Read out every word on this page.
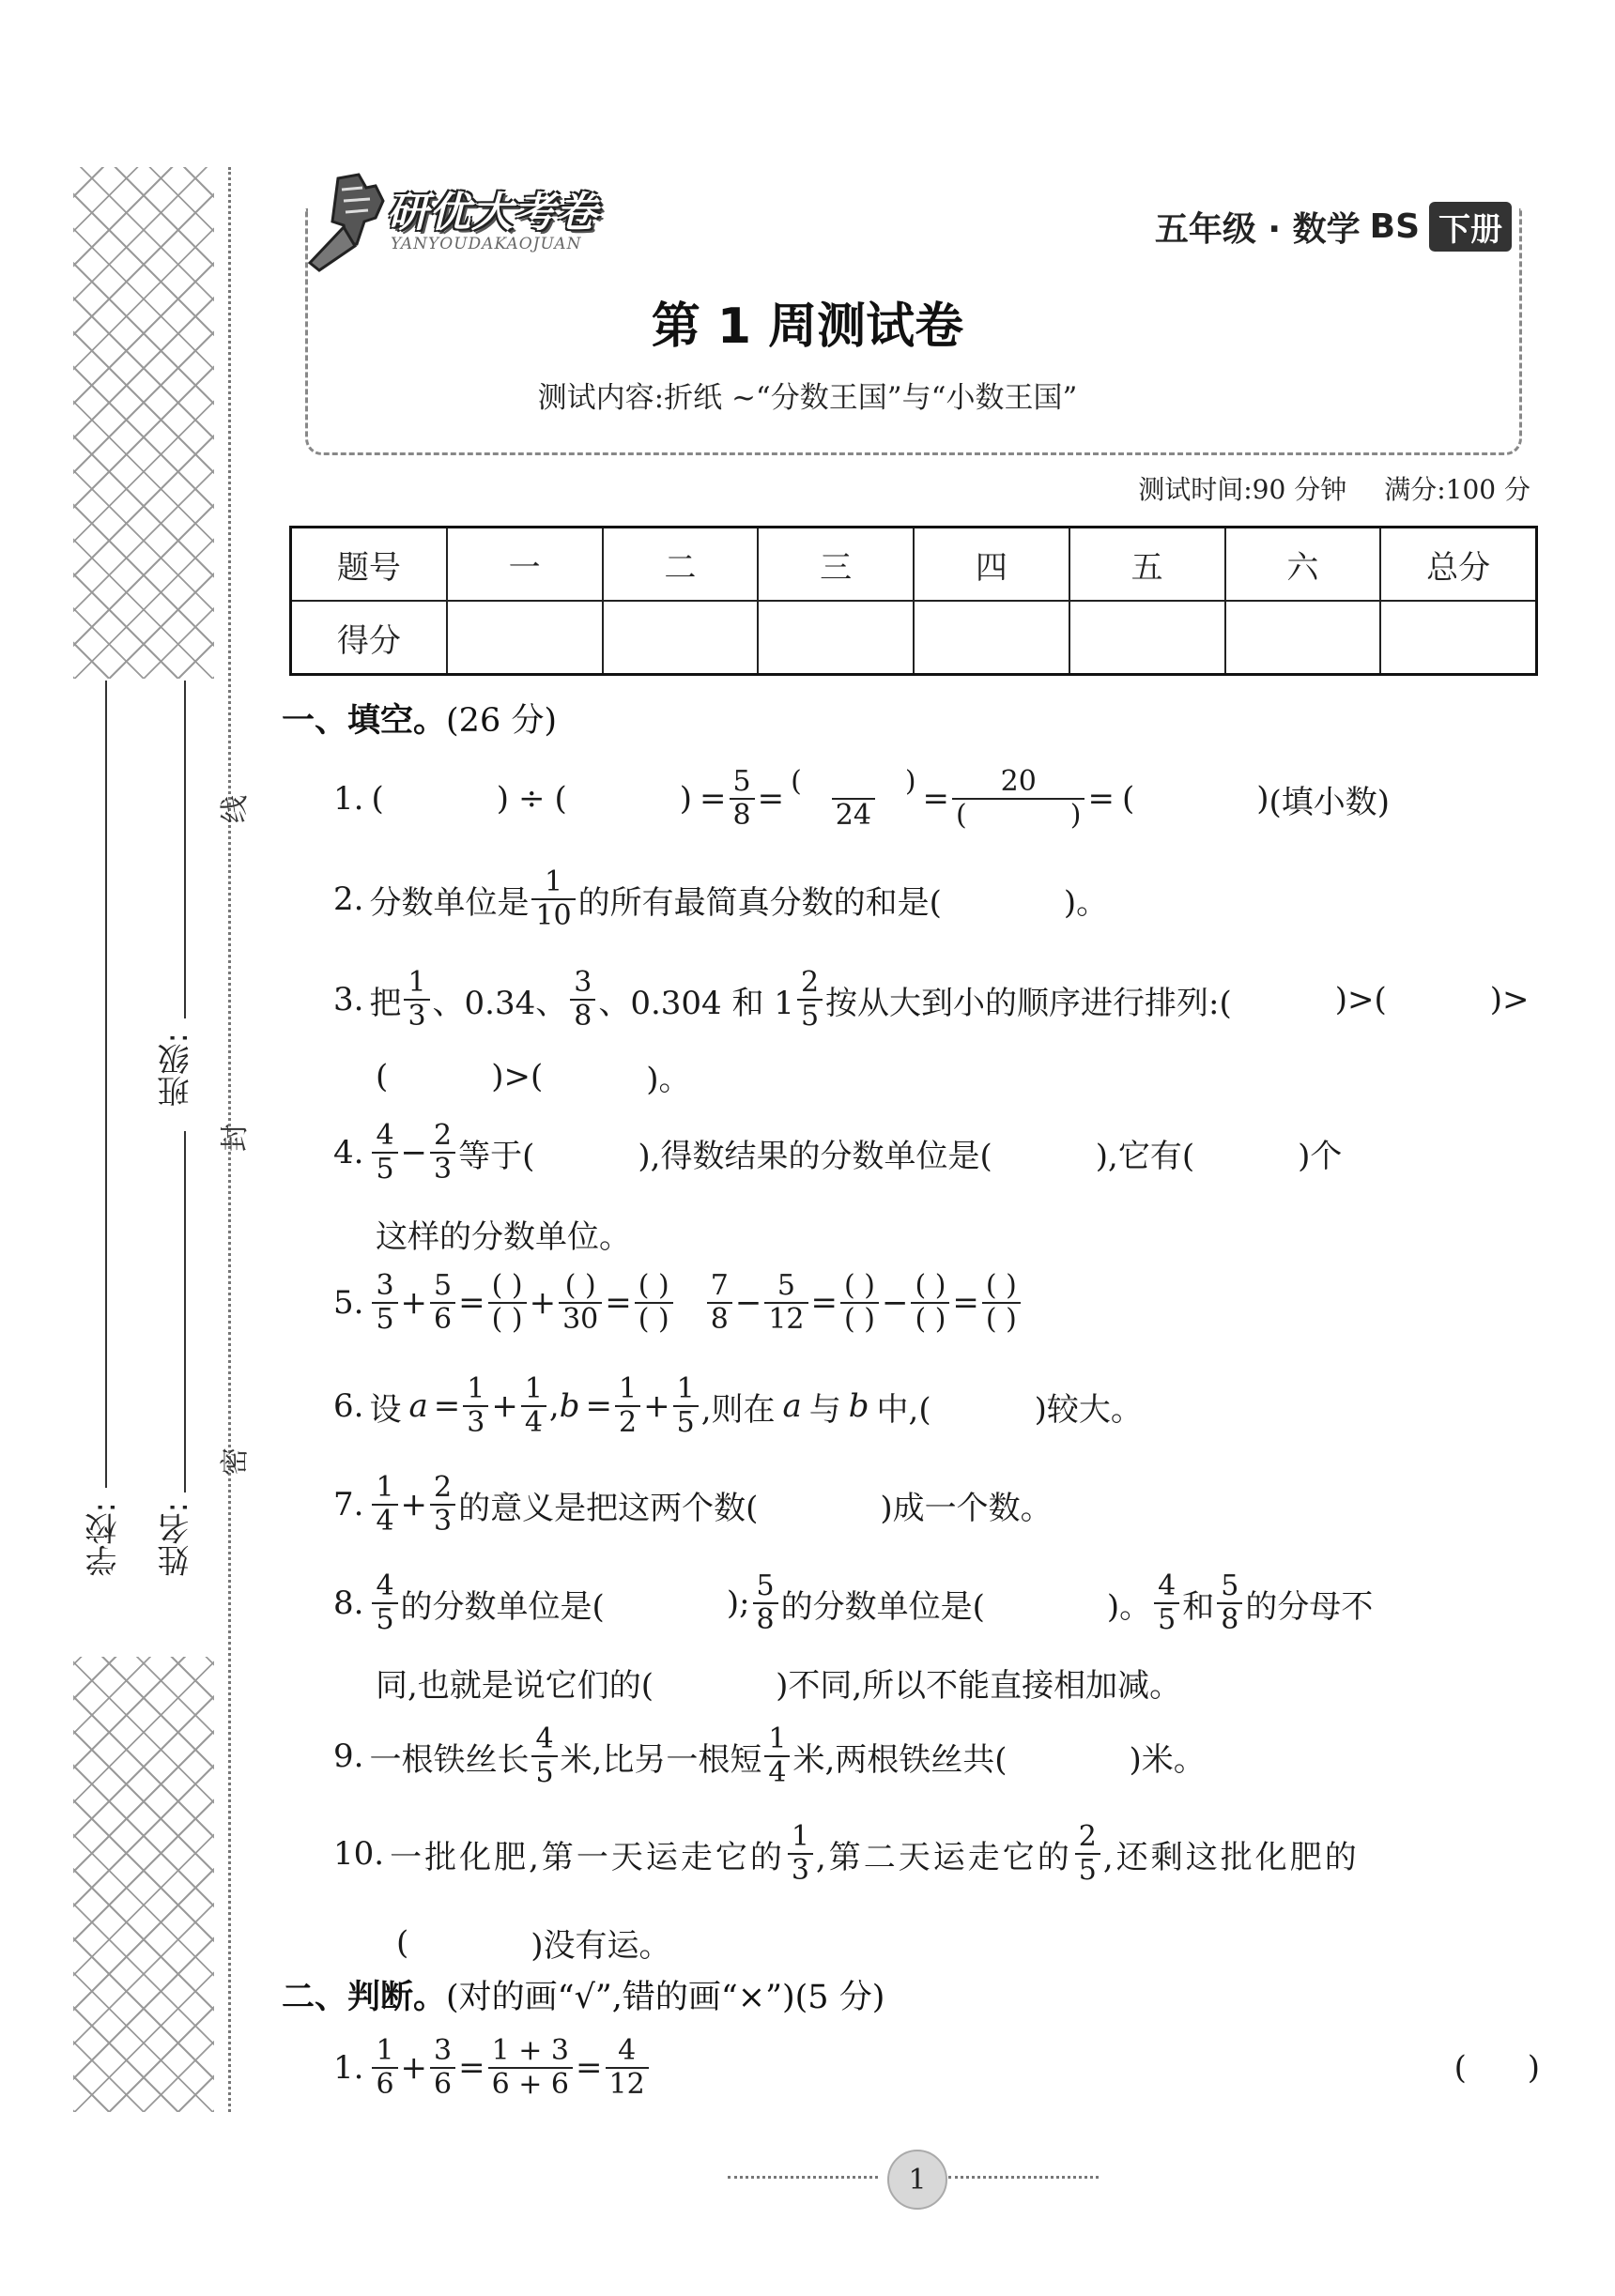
学校: 姓名:
班级:
密
封
线
研优大考卷
YANYOUDAKAOJUAN	五年级 · 数学 BS 下册
第 1 周测试卷
测试内容:折纸 ~“分数王国”与“小数王国”
测试时间:90 分钟 满分:100 分
题号	一	二	三	四	五	六	总分
得分							
一、填空。(26 分)
1. (	) ÷ (	) = $\frac{5}{8}$ = (	)
24 = 20
(	) = (	) (填小数)
2. 分数单位是 $\frac{1}{10}$ 的所有最简真分数的和是(	)。
3. 把 $\frac{1}{3}$ 、0.34、 $\frac{3}{8}$ 、0.304 和 $1 \frac{2}{5}$ 按从大到小的顺序进行排列:(	)>(	)>
(	)>(	)。
4. $\frac{4}{5} - \frac{2}{3}$ 等于(	),得数结果的分数单位是(	),它有(	)个
这样的分数单位。
5. $\frac{3}{5} + \frac{5}{6} = \frac{( )}{( )} + \frac{( )}{30} = \frac{( )}{( )} \frac{7}{8} - \frac{5}{12} = \frac{( )}{( )} - \frac{( )}{( )} = \frac{( )}{( )}$
6. 设 $a = \frac{1}{3} + \frac{1}{4}$ , $b = \frac{1}{2} + \frac{1}{5}$ ,则在 a 与 b 中,(	)较大。
7. $\frac{1}{4} + \frac{2}{3}$ 的意义是把这两个数(	)成一个数。
8. $\frac{4}{5}$ 的分数单位是(	); $\frac{5}{8}$ 的分数单位是(	)。 $\frac{4}{5}$ 和 $\frac{5}{8}$ 的分母不
同,也就是说它们的(	)不同,所以不能直接相加减。
9. 一根铁丝长 $\frac{4}{5}$ 米,比另一根短 $\frac{1}{4}$ 米,两根铁丝共(	)米。
10. 一批化肥,第一天运走它的 $\frac{1}{3}$ ,第二天运走它的 $\frac{2}{5}$ ,还剩这批化肥的
(	)没有运。
二、判断。(对的画“√”,错的画“×”)(5 分)
1. $\frac{1}{6} + \frac{3}{6} = \frac{1 + 3}{6 + 6} = \frac{4}{12}$	(      )
1
